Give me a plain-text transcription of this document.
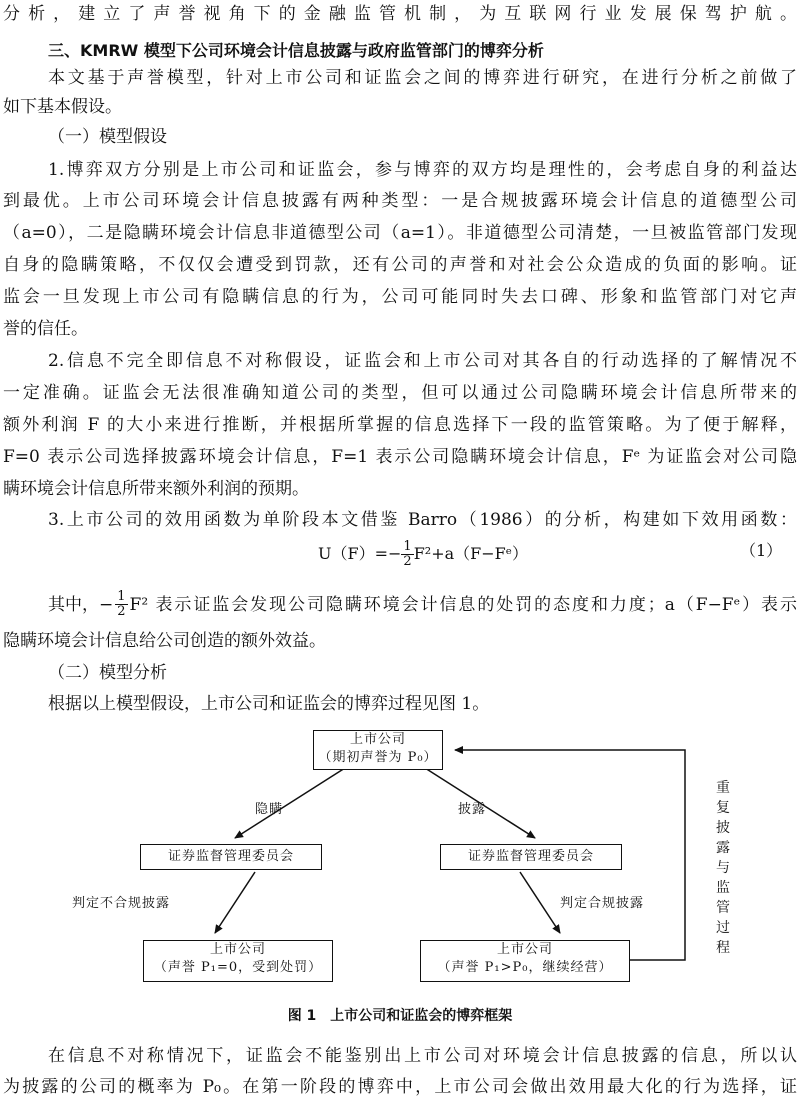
分析，建立了声誉视角下的金融监管机制，为互联网行业发展保驾护航。
三、KMRW 模型下公司环境会计信息披露与政府监管部门的博弈分析
本文基于声誉模型，针对上市公司和证监会之间的博弈进行研究，在进行分析之前做了
如下基本假设。
（一）模型假设
1.博弈双方分别是上市公司和证监会，参与博弈的双方均是理性的，会考虑自身的利益达
到最优。上市公司环境会计信息披露有两种类型：一是合规披露环境会计信息的道德型公司
（a=0），二是隐瞒环境会计信息非道德型公司（a=1）。非道德型公司清楚，一旦被监管部门发现
自身的隐瞒策略，不仅仅会遭受到罚款，还有公司的声誉和对社会公众造成的负面的影响。证
监会一旦发现上市公司有隐瞒信息的行为，公司可能同时失去口碑、形象和监管部门对它声
誉的信任。
2.信息不完全即信息不对称假设，证监会和上市公司对其各自的行动选择的了解情况不
一定准确。证监会无法很准确知道公司的类型，但可以通过公司隐瞒环境会计信息所带来的
额外利润 F 的大小来进行推断，并根据所掌握的信息选择下一段的监管策略。为了便于解释，
F=0 表示公司选择披露环境会计信息，F=1 表示公司隐瞒环境会计信息，Fᵉ 为证监会对公司隐
瞒环境会计信息所带来额外利润的预期。
3.上市公司的效用函数为单阶段本文借鉴 Barro（1986）的分析，构建如下效用函数：
$U(F)=- \frac{1}{2}$ F²+a（F−Fᵉ）	（1）
其中，− $\frac{1}{2} F^2$ 表示证监会发现公司隐瞒环境会计信息的处罚的态度和力度；a（F−Fᵉ）表示
隐瞒环境会计信息给公司创造的额外效益。
（二）模型分析
根据以上模型假设，上市公司和证监会的博弈过程见图 1。
上市公司
（期初声誉为 P₀）
隐瞒	披露
证券监督管理委员会	证券监督管理委员会
判定不合规披露	判定合规披露
上市公司
（声誉 P₁=0，受到处罚）
上市公司
（声誉 P₁>P₀，继续经营）
重
复
披
露
与
监
管
过
程
图 1　上市公司和证监会的博弈框架
在信息不对称情况下，证监会不能鉴别出上市公司对环境会计信息披露的信息，所以认
为披露的公司的概率为 P₀。在第一阶段的博弈中，上市公司会做出效用最大化的行为选择，证
